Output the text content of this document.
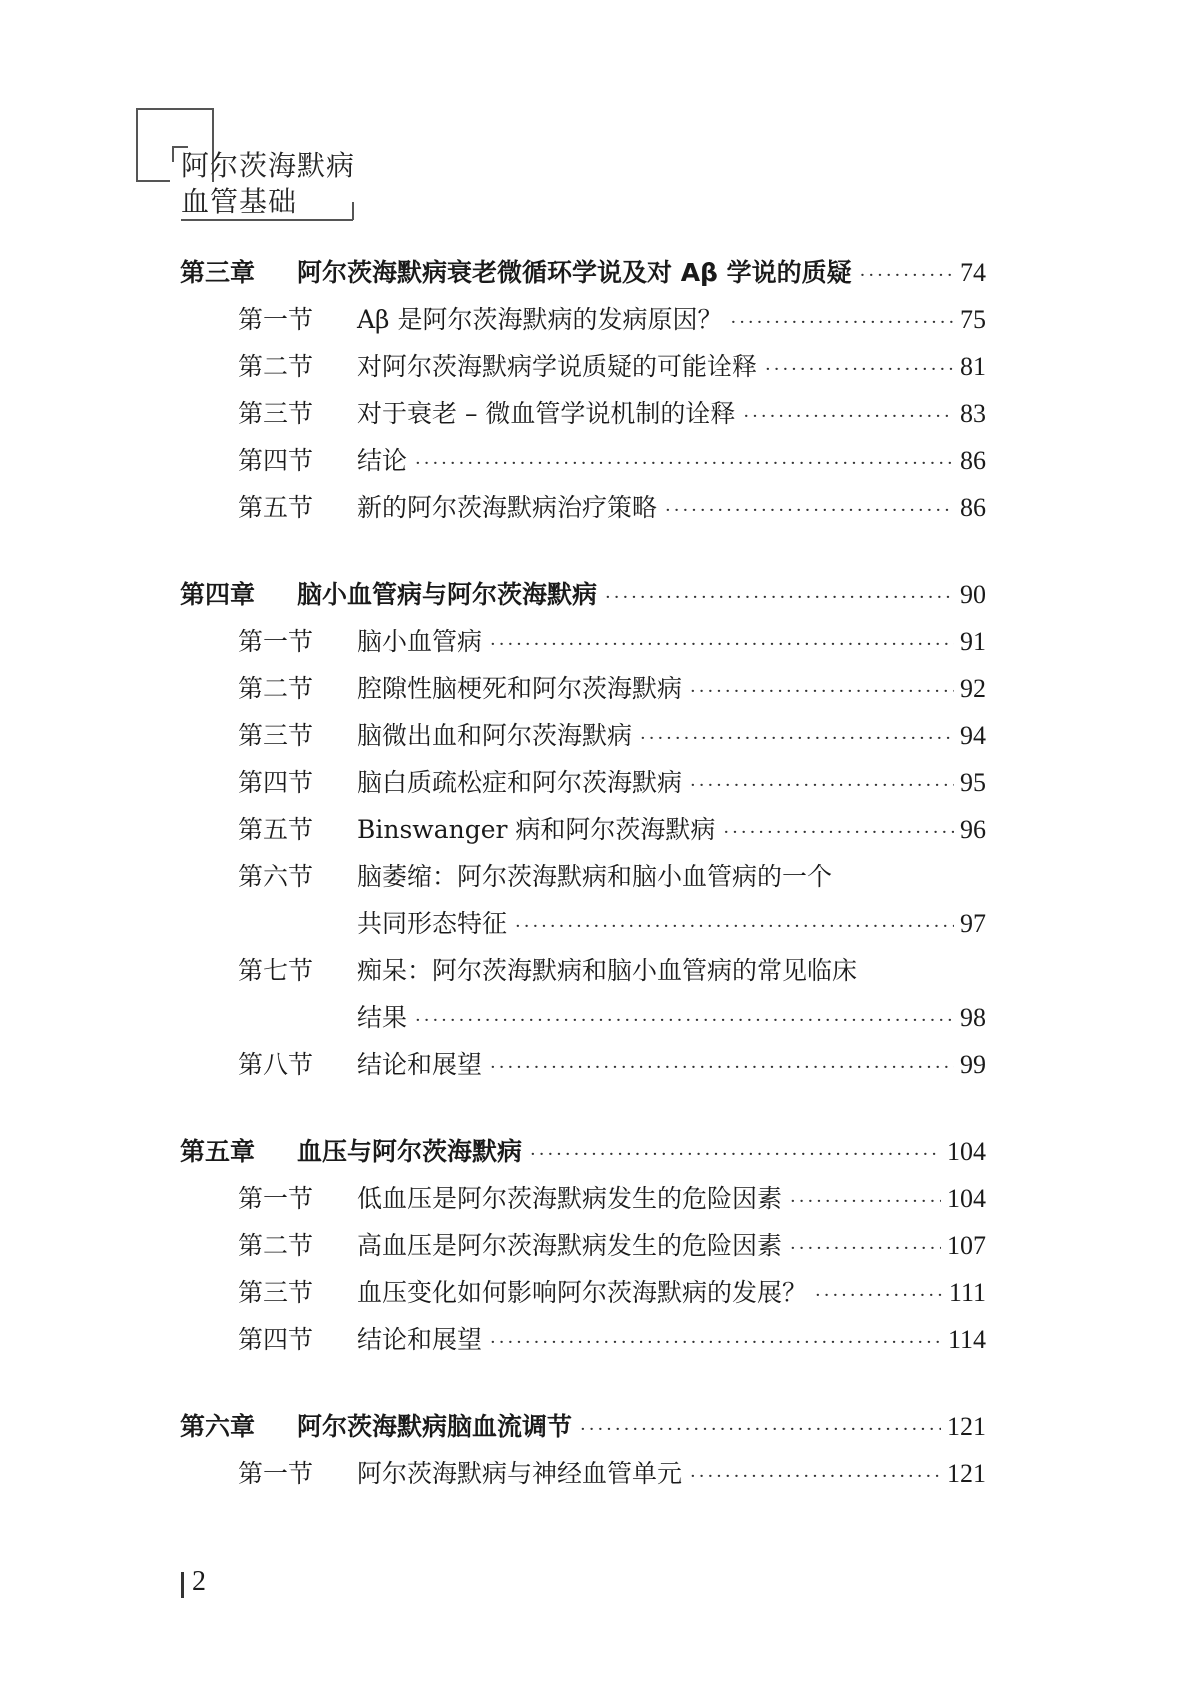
阿尔茨海默病
血管基础
第三章	阿尔茨海默病衰老微循环学说及对 Aβ 学说的质疑 ·····	74
第一节	Aβ 是阿尔茨海默病的发病原因？ ·····	75
第二节	对阿尔茨海默病学说质疑的可能诠释 ·····	81
第三节	对于衰老 – 微血管学说机制的诠释 ·····	83
第四节	结论 ·····	86
第五节	新的阿尔茨海默病治疗策略 ·····	86
第四章	脑小血管病与阿尔茨海默病 ·····	90
第一节	脑小血管病 ·····	91
第二节	腔隙性脑梗死和阿尔茨海默病 ·····	92
第三节	脑微出血和阿尔茨海默病 ·····	94
第四节	脑白质疏松症和阿尔茨海默病 ·····	95
第五节	Binswanger 病和阿尔茨海默病 ·····	96
第六节	脑萎缩：阿尔茨海默病和脑小血管病的一个
共同形态特征 ·····	97
第七节	痴呆：阿尔茨海默病和脑小血管病的常见临床
结果 ·····	98
第八节	结论和展望 ·····	99
第五章	血压与阿尔茨海默病 ·····	104
第一节	低血压是阿尔茨海默病发生的危险因素 ·····	104
第二节	高血压是阿尔茨海默病发生的危险因素 ·····	107
第三节	血压变化如何影响阿尔茨海默病的发展？ ·····	111
第四节	结论和展望 ·····	114
第六章	阿尔茨海默病脑血流调节 ·····	121
第一节	阿尔茨海默病与神经血管单元 ·····	121
2
